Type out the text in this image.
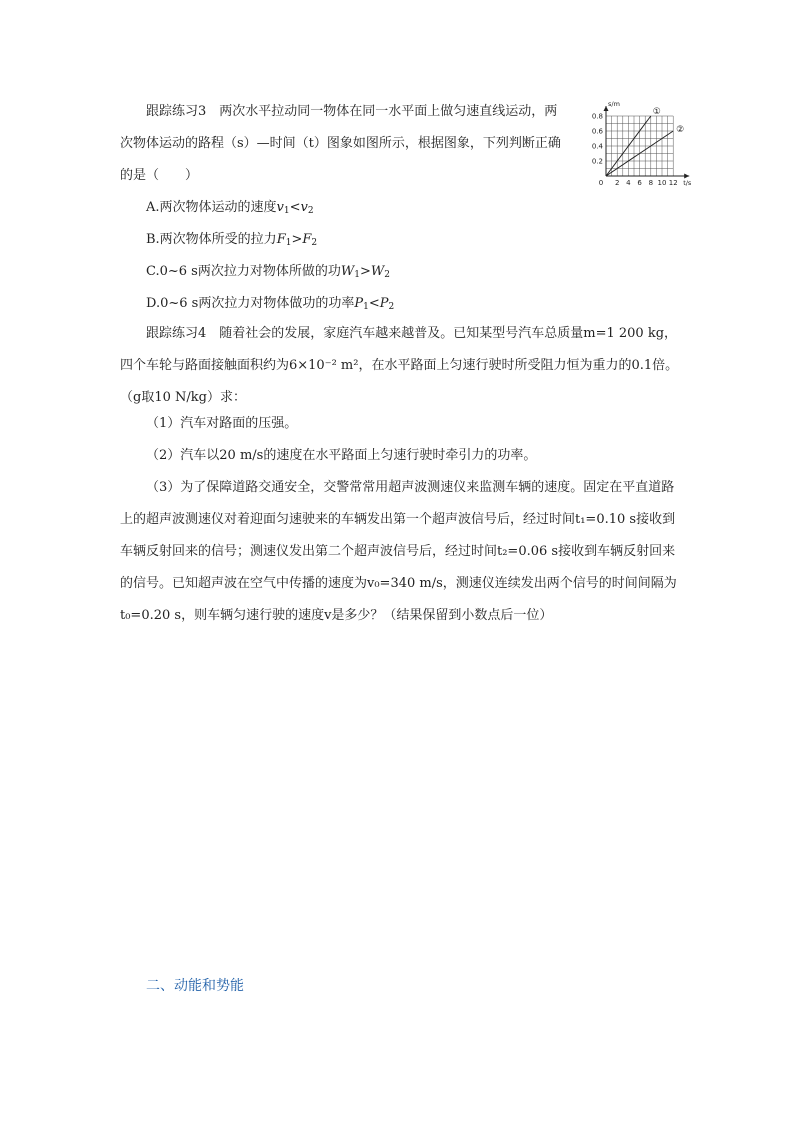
跟踪练习3　两次水平拉动同一物体在同一水平面上做匀速直线运动，两

次物体运动的路程（s）—时间（t）图象如图所示，根据图象，下列判断正确

的是（　　）	0 2 4 6 8 10 12
0.2
0.4
0.6
0.8
s/m
t/s
①
②

A.两次物体运动的速度$v_1<v_2$

B.两次物体所受的拉力$F_1>F_2$

C.0~6 s两次拉力对物体所做的功$W_1>W_2$

D.0~6 s两次拉力对物体做功的功率$P_1<P_2$

跟踪练习4　随着社会的发展，家庭汽车越来越普及。已知某型号汽车总质量m=1 200 kg，四个车轮与路面接触面积约为6×10⁻² m²，在水平路面上匀速行驶时所受阻力恒为重力的0.1倍。（g取10 N/kg）求：

（1）汽车对路面的压强。

（2）汽车以20 m/s的速度在水平路面上匀速行驶时牵引力的功率。

（3）为了保障道路交通安全，交警常常用超声波测速仪来监测车辆的速度。固定在平直道路上的超声波测速仪对着迎面匀速驶来的车辆发出第一个超声波信号后，经过时间t₁=0.10 s接收到车辆反射回来的信号；测速仪发出第二个超声波信号后，经过时间t₂=0.06 s接收到车辆反射回来的信号。已知超声波在空气中传播的速度为v₀=340 m/s，测速仪连续发出两个信号的时间间隔为t₀=0.20 s，则车辆匀速行驶的速度v是多少？（结果保留到小数点后一位）

二、动能和势能
